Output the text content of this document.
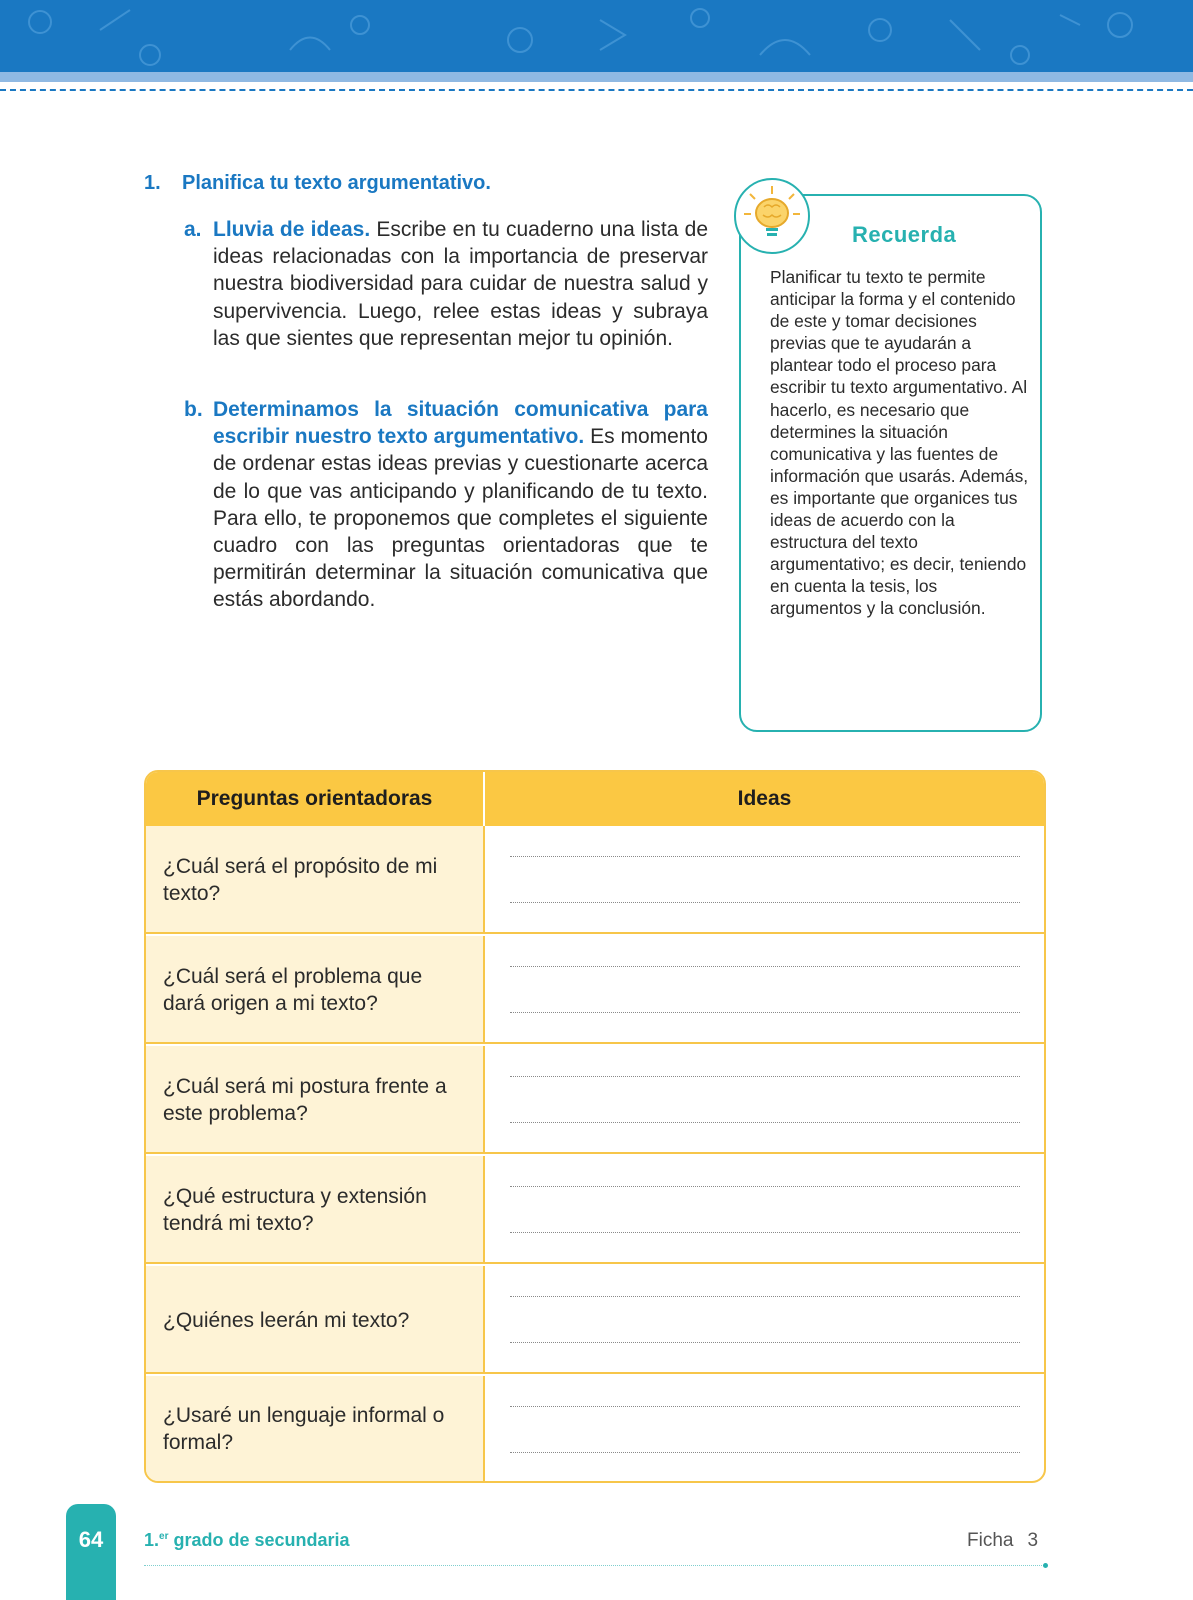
1. Planifica tu texto argumentativo.
a. Lluvia de ideas. Escribe en tu cuaderno una lista de ideas relacionadas con la importancia de preservar nuestra biodiversidad para cuidar de nuestra salud y supervivencia. Luego, relee estas ideas y subraya las que sientes que representan mejor tu opinión.
b. Determinamos la situación comunicativa para escribir nuestro texto argumentativo. Es momento de ordenar estas ideas previas y cuestionarte acerca de lo que vas anticipando y planificando de tu texto. Para ello, te proponemos que completes el siguiente cuadro con las preguntas orientadoras que te permitirán determinar la situación comunicativa que estás abordando.
Recuerda
Planificar tu texto te permite anticipar la forma y el contenido de este y tomar decisiones previas que te ayudarán a plantear todo el proceso para escribir tu texto argumentativo. Al hacerlo, es necesario que determines la situación comunicativa y las fuentes de información que usarás. Además, es importante que organices tus ideas de acuerdo con la estructura del texto argumentativo; es decir, teniendo en cuenta la tesis, los argumentos y la conclusión.
Preguntas orientadoras	Ideas
¿Cuál será el propósito de mi texto?
¿Cuál será el problema que dará origen a mi texto?
¿Cuál será mi postura frente a este problema?
¿Qué estructura y extensión tendrá mi texto?
¿Quiénes leerán mi texto?
¿Usaré un lenguaje informal o formal?
64	1.$^{er}$ grado de secundaria	Ficha 3
